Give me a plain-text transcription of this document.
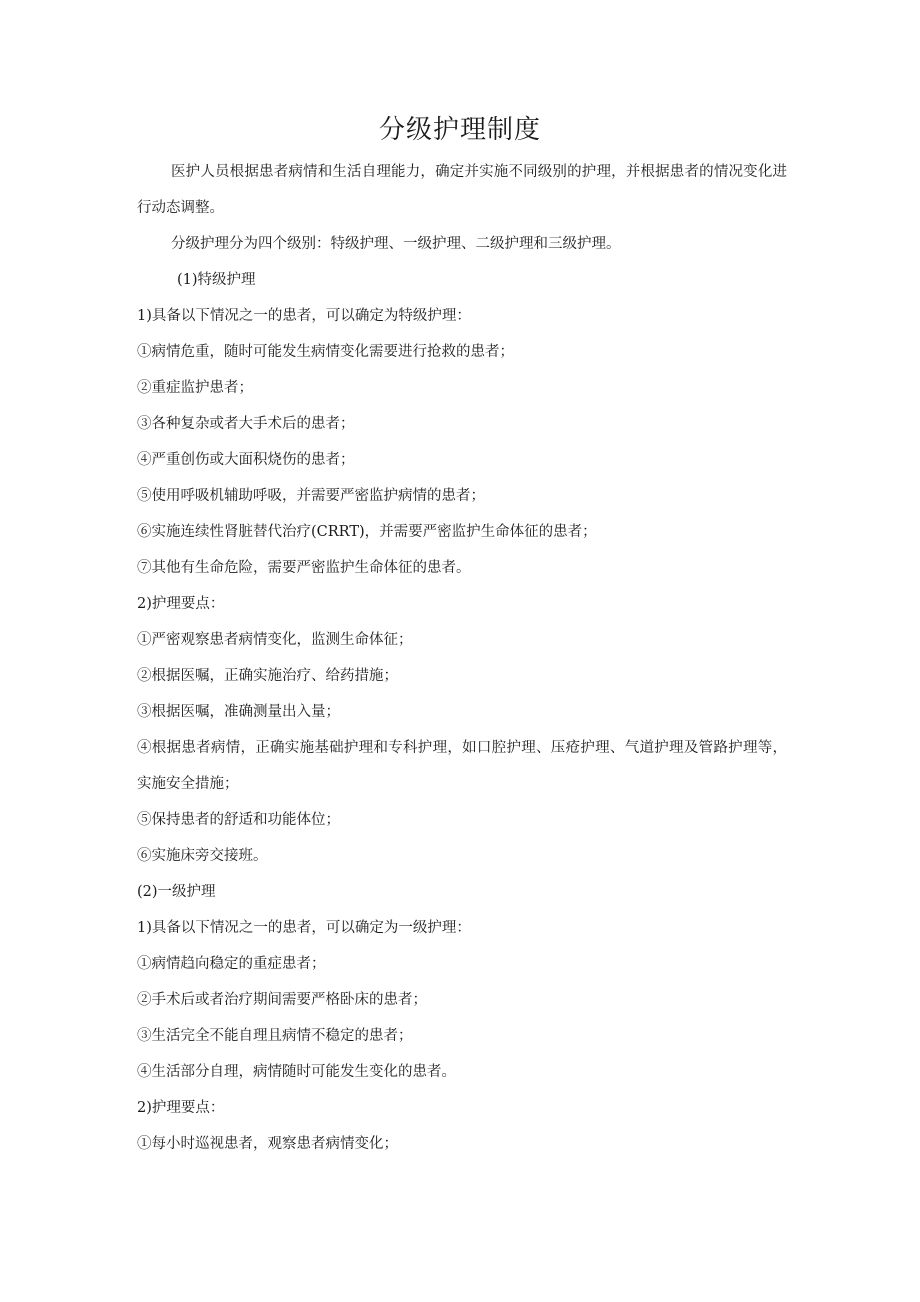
分级护理制度

医护人员根据患者病情和生活自理能力，确定并实施不同级别的护理，并根据患者的情况变化进行动态调整。

分级护理分为四个级别：特级护理、一级护理、二级护理和三级护理。

(1)特级护理

1)具备以下情况之一的患者，可以确定为特级护理：

①病情危重，随时可能发生病情变化需要进行抢救的患者；

②重症监护患者；

③各种复杂或者大手术后的患者；

④严重创伤或大面积烧伤的患者；

⑤使用呼吸机辅助呼吸，并需要严密监护病情的患者；

⑥实施连续性肾脏替代治疗(CRRT)，并需要严密监护生命体征的患者；

⑦其他有生命危险，需要严密监护生命体征的患者。

2)护理要点：

①严密观察患者病情变化，监测生命体征；

②根据医嘱，正确实施治疗、给药措施；

③根据医嘱，准确测量出入量；

④根据患者病情，正确实施基础护理和专科护理，如口腔护理、压疮护理、气道护理及管路护理等，实施安全措施；

⑤保持患者的舒适和功能体位；

⑥实施床旁交接班。

(2)一级护理

1)具备以下情况之一的患者，可以确定为一级护理：

①病情趋向稳定的重症患者；

②手术后或者治疗期间需要严格卧床的患者；

③生活完全不能自理且病情不稳定的患者；

④生活部分自理，病情随时可能发生变化的患者。

2)护理要点：

①每小时巡视患者，观察患者病情变化；
